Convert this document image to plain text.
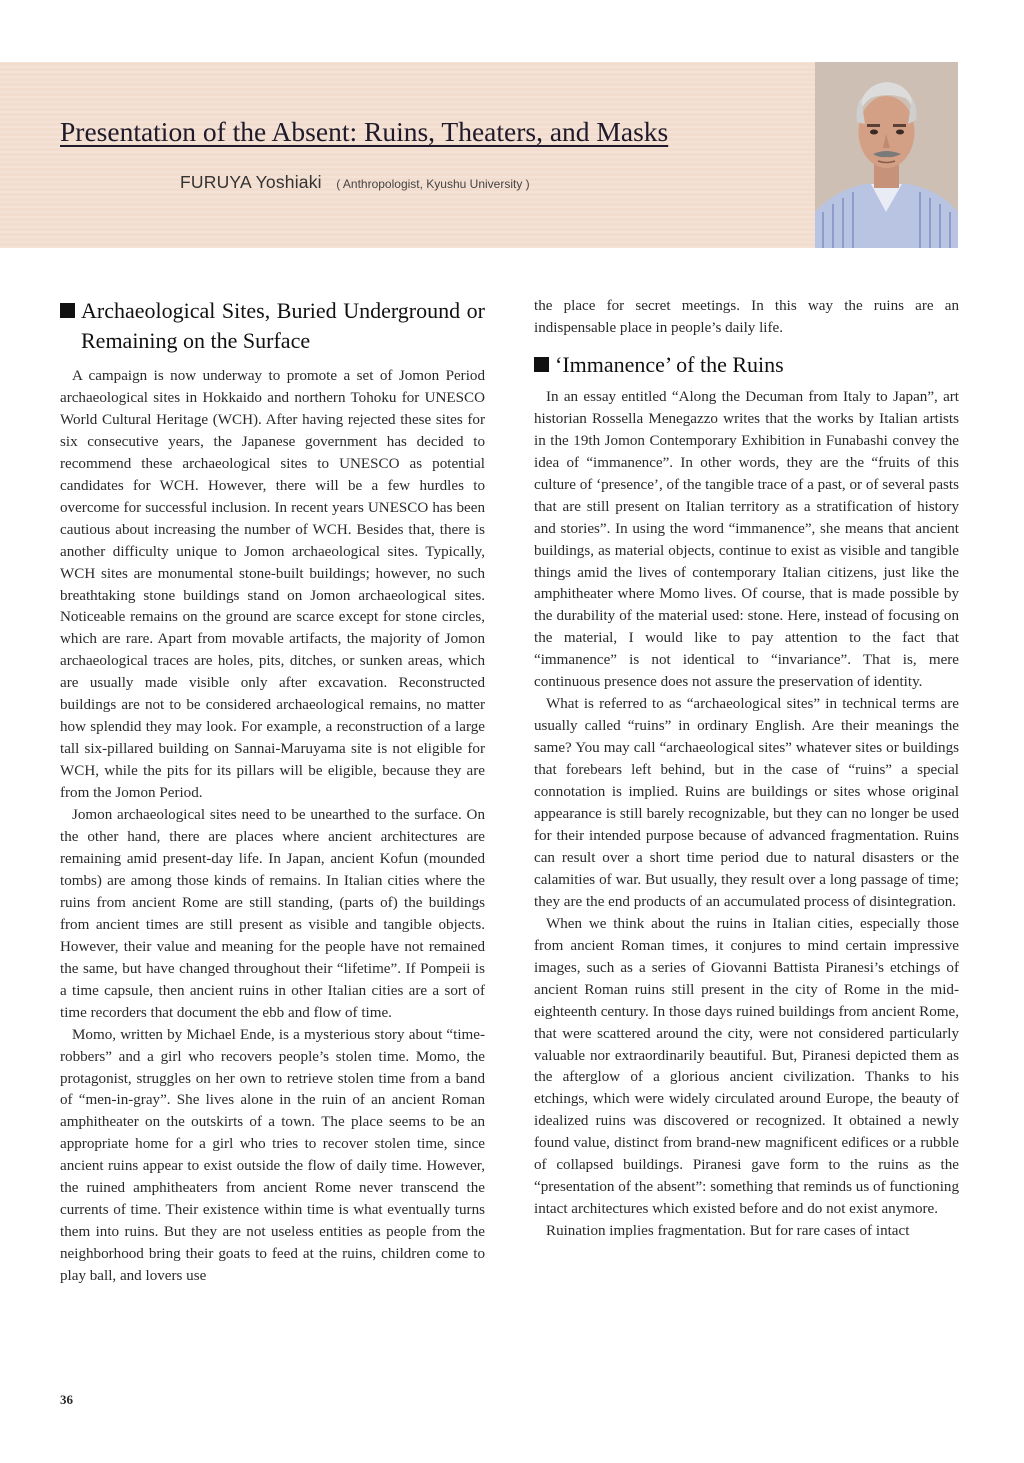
Presentation of the Absent: Ruins, Theaters, and Masks
FURUYA Yoshiaki ( Anthropologist, Kyushu University )
Archaeological Sites, Buried Underground or Remaining on the Surface

A campaign is now underway to promote a set of Jomon Period archaeological sites in Hokkaido and northern Tohoku for UNESCO World Cultural Heritage (WCH). After having rejected these sites for six consecutive years, the Japanese government has decided to recommend these archaeological sites to UNESCO as potential candidates for WCH. However, there will be a few hurdles to overcome for successful inclusion. In recent years UNESCO has been cautious about increasing the number of WCH. Besides that, there is another difficulty unique to Jomon archaeological sites. Typically, WCH sites are monumental stone-built buildings; however, no such breathtaking stone buildings stand on Jomon archaeological sites. Noticeable remains on the ground are scarce except for stone circles, which are rare. Apart from movable artifacts, the majority of Jomon archaeological traces are holes, pits, ditches, or sunken areas, which are usually made visible only after excavation. Reconstructed buildings are not to be considered archaeological remains, no matter how splendid they may look. For example, a reconstruction of a large tall six-pillared building on Sannai-Maruyama site is not eligible for WCH, while the pits for its pillars will be eligible, because they are from the Jomon Period.

Jomon archaeological sites need to be unearthed to the surface. On the other hand, there are places where ancient architectures are remaining amid present-day life. In Japan, ancient Kofun (mounded tombs) are among those kinds of remains. In Italian cities where the ruins from ancient Rome are still standing, (parts of) the buildings from ancient times are still present as visible and tangible objects. However, their value and meaning for the people have not remained the same, but have changed throughout their “lifetime”. If Pompeii is a time capsule, then ancient ruins in other Italian cities are a sort of time recorders that document the ebb and flow of time.

Momo, written by Michael Ende, is a mysterious story about “time-robbers” and a girl who recovers people’s stolen time. Momo, the protagonist, struggles on her own to retrieve stolen time from a band of “men-in-gray”. She lives alone in the ruin of an ancient Roman amphitheater on the outskirts of a town. The place seems to be an appropriate home for a girl who tries to recover stolen time, since ancient ruins appear to exist outside the flow of daily time. However, the ruined amphitheaters from ancient Rome never transcend the currents of time. Their existence within time is what eventually turns them into ruins. But they are not useless entities as people from the neighborhood bring their goats to feed at the ruins, children come to play ball, and lovers use

the place for secret meetings. In this way the ruins are an indispensable place in people’s daily life.

‘Immanence’ of the Ruins

In an essay entitled “Along the Decuman from Italy to Japan”, art historian Rossella Menegazzo writes that the works by Italian artists in the 19th Jomon Contemporary Exhibition in Funabashi convey the idea of “immanence”. In other words, they are the “fruits of this culture of ‘presence’, of the tangible trace of a past, or of several pasts that are still present on Italian territory as a stratification of history and stories”. In using the word “immanence”, she means that ancient buildings, as material objects, continue to exist as visible and tangible things amid the lives of contemporary Italian citizens, just like the amphitheater where Momo lives. Of course, that is made possible by the durability of the material used: stone. Here, instead of focusing on the material, I would like to pay attention to the fact that “immanence” is not identical to “invariance”. That is, mere continuous presence does not assure the preservation of identity.

What is referred to as “archaeological sites” in technical terms are usually called “ruins” in ordinary English. Are their meanings the same? You may call “archaeological sites” whatever sites or buildings that forebears left behind, but in the case of “ruins” a special connotation is implied. Ruins are buildings or sites whose original appearance is still barely recognizable, but they can no longer be used for their intended purpose because of advanced fragmentation. Ruins can result over a short time period due to natural disasters or the calamities of war. But usually, they result over a long passage of time; they are the end products of an accumulated process of disintegration.

When we think about the ruins in Italian cities, especially those from ancient Roman times, it conjures to mind certain impressive images, such as a series of Giovanni Battista Piranesi’s etchings of ancient Roman ruins still present in the city of Rome in the mid-eighteenth century. In those days ruined buildings from ancient Rome, that were scattered around the city, were not considered particularly valuable nor extraordinarily beautiful. But, Piranesi depicted them as the afterglow of a glorious ancient civilization. Thanks to his etchings, which were widely circulated around Europe, the beauty of idealized ruins was discovered or recognized. It obtained a newly found value, distinct from brand-new magnificent edifices or a rubble of collapsed buildings. Piranesi gave form to the ruins as the “presentation of the absent”: something that reminds us of functioning intact architectures which existed before and do not exist anymore.

Ruination implies fragmentation. But for rare cases of intact

36
